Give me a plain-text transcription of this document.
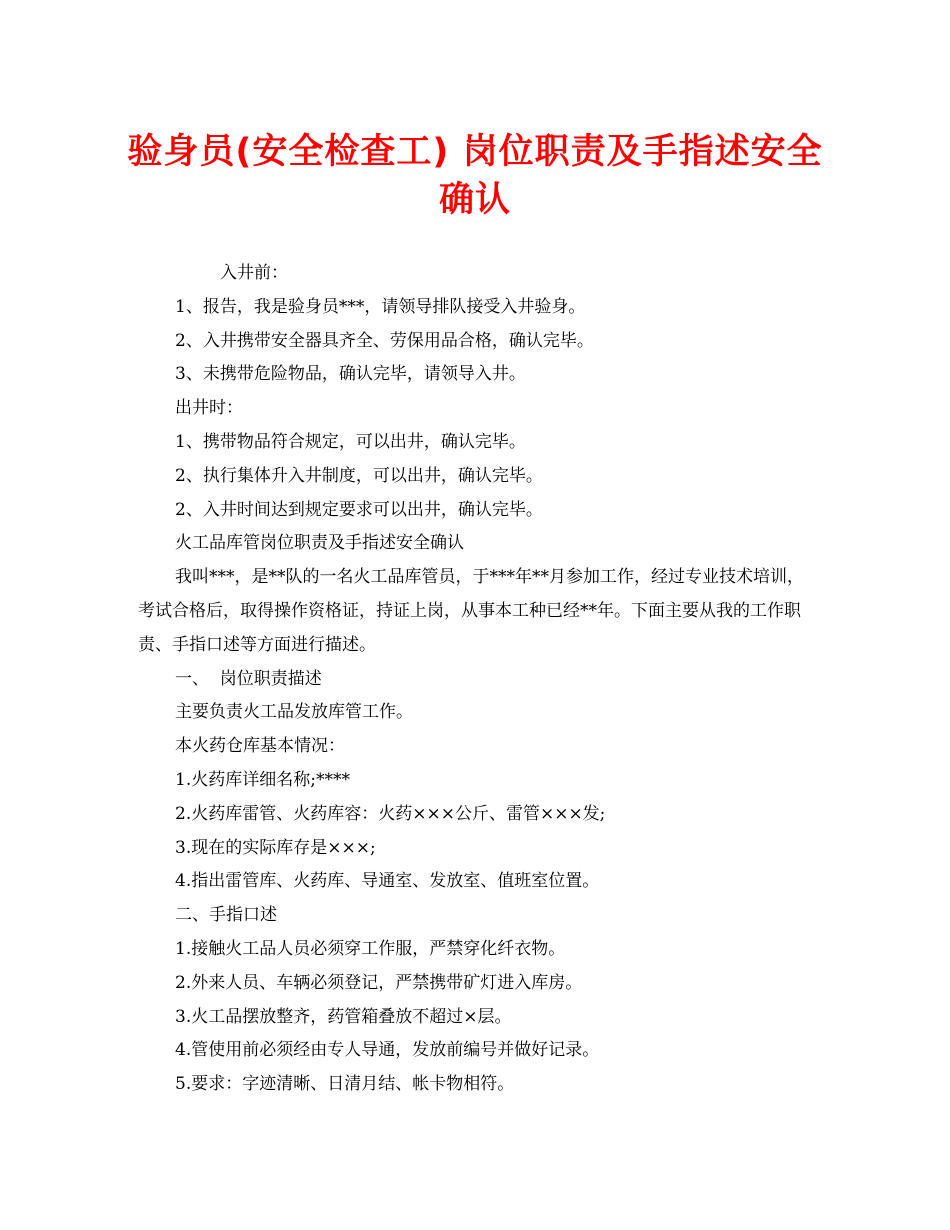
验身员(安全检查工) 岗位职责及手指述安全
确认

入井前：

1、报告，我是验身员***，请领导排队接受入井验身。

2、入井携带安全器具齐全、劳保用品合格，确认完毕。

3、未携带危险物品，确认完毕，请领导入井。

出井时：

1、携带物品符合规定，可以出井，确认完毕。

2、执行集体升入井制度，可以出井，确认完毕。

2、入井时间达到规定要求可以出井，确认完毕。

火工品库管岗位职责及手指述安全确认

我叫***，是**队的一名火工品库管员，于***年**月参加工作，经过专业技术培训，考试合格后，取得操作资格证，持证上岗，从事本工种已经**年。下面主要从我的工作职责、手指口述等方面进行描述。

一、  岗位职责描述

主要负责火工品发放库管工作。

本火药仓库基本情况：

1.火药库详细名称;****

2.火药库雷管、火药库容：火药×××公斤、雷管×××发;

3.现在的实际库存是×××;

4.指出雷管库、火药库、导通室、发放室、值班室位置。

二、手指口述

1.接触火工品人员必须穿工作服，严禁穿化纤衣物。

2.外来人员、车辆必须登记，严禁携带矿灯进入库房。

3.火工品摆放整齐，药管箱叠放不超过×层。

4.管使用前必须经由专人导通，发放前编号并做好记录。

5.要求：字迹清晰、日清月结、帐卡物相符。
